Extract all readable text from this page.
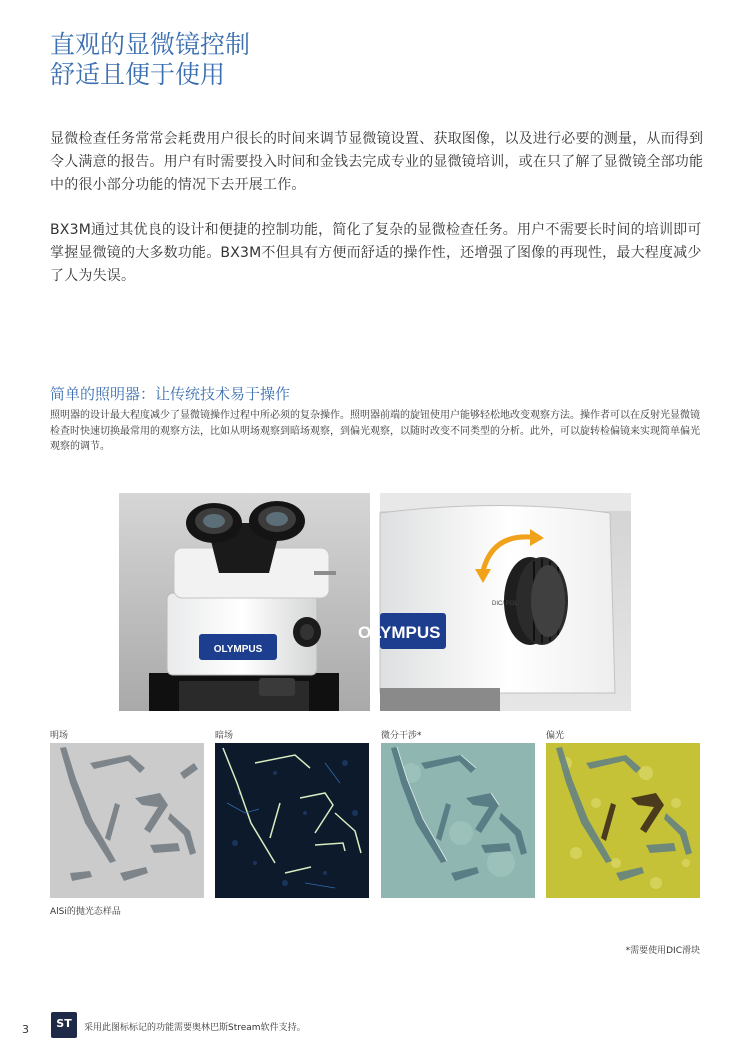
直观的显微镜控制
舒适且便于使用

显微检查任务常常会耗费用户很长的时间来调节显微镜设置、获取图像，以及进行必要的测量，从而得到令人满意的报告。用户有时需要投入时间和金钱去完成专业的显微镜培训，或在只了解了显微镜全部功能中的很小部分功能的情况下去开展工作。

BX3M通过其优良的设计和便捷的控制功能，简化了复杂的显微检查任务。用户不需要长时间的培训即可掌握显微镜的大多数功能。BX3M不但具有方便而舒适的操作性，还增强了图像的再现性，最大程度减少了人为失误。

简单的照明器：让传统技术易于操作

照明器的设计最大程度减少了显微镜操作过程中所必须的复杂操作。照明器前端的旋钮使用户能够轻松地改变观察方法。操作者可以在反射光显微镜检查时快速切换最常用的观察方法，比如从明场观察到暗场观察，到偏光观察，以随时改变不同类型的分析。此外，可以旋转检偏镜来实现简单偏光观察的调节。

OLYMPUS
OLYMPUS
DIC/ POL
明场	暗场	微分干涉*	偏光
AlSi的抛光态样品
*需要使用DIC滑块
3	ST	采用此图标标记的功能需要奥林巴斯Stream软件支持。
